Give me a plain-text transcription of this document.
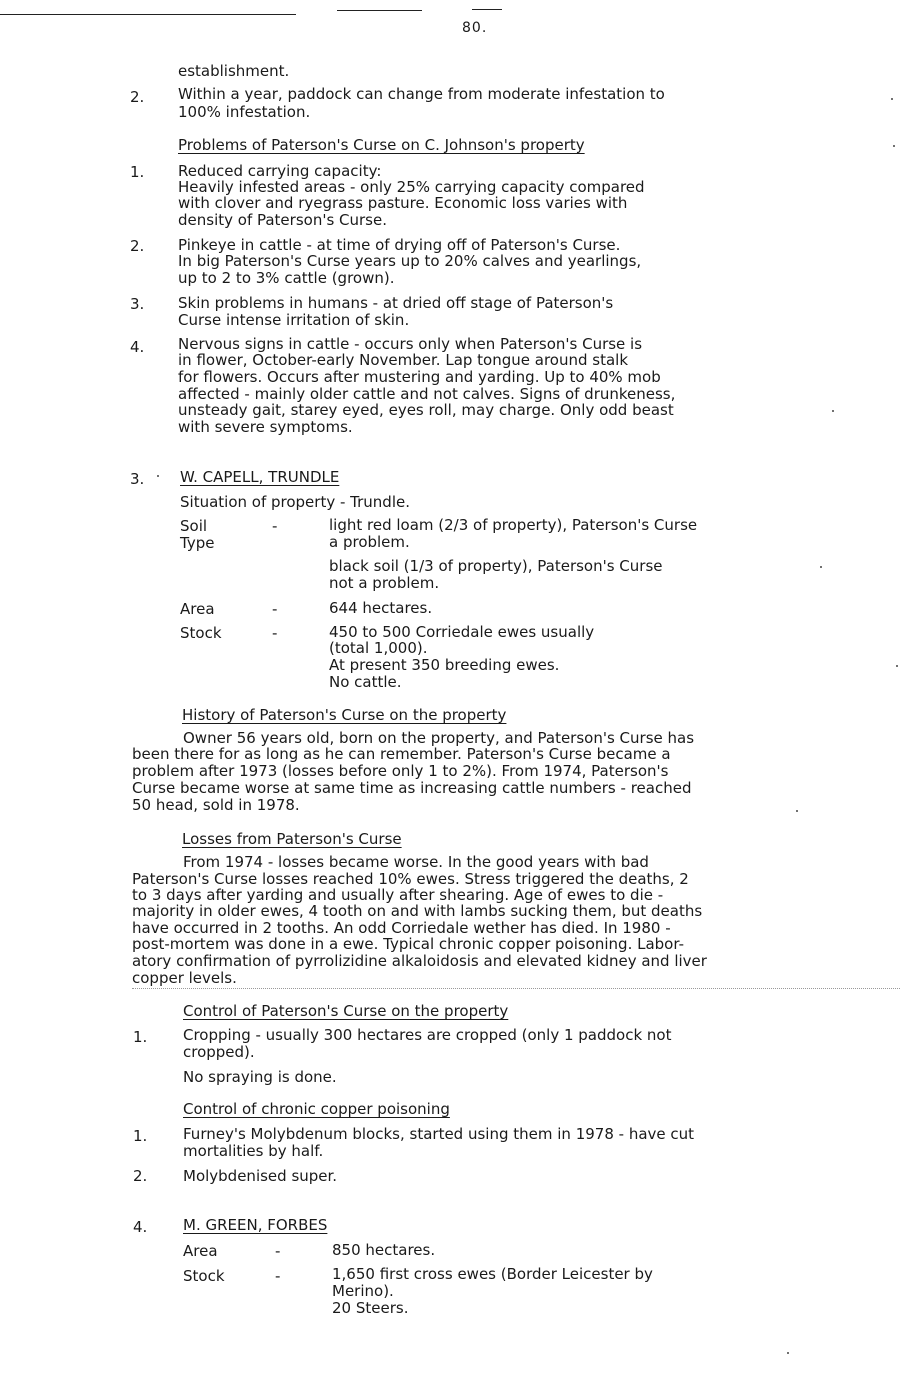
80.
establishment.
2. Within a year, paddock can change from moderate infestation to
100% infestation.
Problems of Paterson's Curse on C. Johnson's property
1. Reduced carrying capacity:
Heavily infested areas - only 25% carrying capacity compared
with clover and ryegrass pasture. Economic loss varies with
density of Paterson's Curse.
2. Pinkeye in cattle - at time of drying off of Paterson's Curse.
In big Paterson's Curse years up to 20% calves and yearlings,
up to 2 to 3% cattle (grown).
3. Skin problems in humans - at dried off stage of Paterson's
Curse intense irritation of skin.
4. Nervous signs in cattle - occurs only when Paterson's Curse is
in flower, October-early November. Lap tongue around stalk
for flowers. Occurs after mustering and yarding. Up to 40% mob
affected - mainly older cattle and not calves. Signs of drunkeness,
unsteady gait, starey eyed, eyes roll, may charge. Only odd beast
with severe symptoms.
3. W. CAPELL, TRUNDLE
Situation of property - Trundle.
Soil
Type
-	light red loam (2/3 of property), Paterson's Curse
a problem.
black soil (1/3 of property), Paterson's Curse
not a problem.
Area	-	644 hectares.
Stock	-	450 to 500 Corriedale ewes usually
(total 1,000).
At present 350 breeding ewes.
No cattle.
History of Paterson's Curse on the property
Owner 56 years old, born on the property, and Paterson's Curse has
been there for as long as he can remember. Paterson's Curse became a
problem after 1973 (losses before only 1 to 2%). From 1974, Paterson's
Curse became worse at same time as increasing cattle numbers - reached
50 head, sold in 1978.
Losses from Paterson's Curse
From 1974 - losses became worse. In the good years with bad
Paterson's Curse losses reached 10% ewes. Stress triggered the deaths, 2
to 3 days after yarding and usually after shearing. Age of ewes to die -
majority in older ewes, 4 tooth on and with lambs sucking them, but deaths
have occurred in 2 tooths. An odd Corriedale wether has died. In 1980 -
post-mortem was done in a ewe. Typical chronic copper poisoning. Labor-
atory confirmation of pyrrolizidine alkaloidosis and elevated kidney and liver
copper levels.
Control of Paterson's Curse on the property
1. Cropping - usually 300 hectares are cropped (only 1 paddock not
cropped).
No spraying is done.
Control of chronic copper poisoning
1. Furney's Molybdenum blocks, started using them in 1978 - have cut
mortalities by half.
2. Molybdenised super.
4. M. GREEN, FORBES
Area	-	850 hectares.
Stock	-	1,650 first cross ewes (Border Leicester by
Merino).
20 Steers.
